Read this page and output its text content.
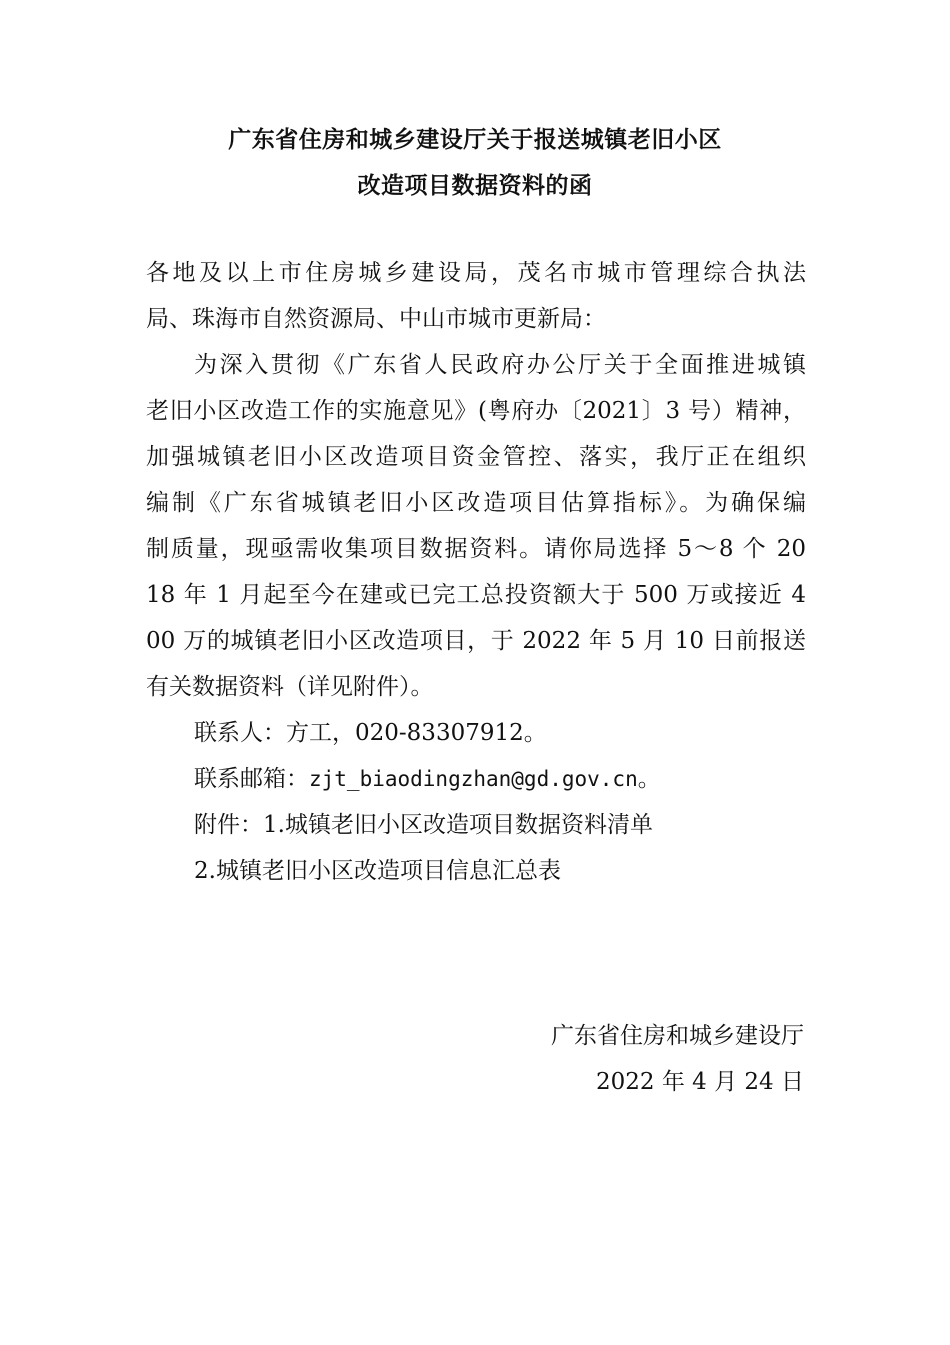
广东省住房和城乡建设厅关于报送城镇老旧小区
改造项目数据资料的函
各地及以上市住房城乡建设局，茂名市城市管理综合执法
局、珠海市自然资源局、中山市城市更新局：
为深入贯彻《广东省人民政府办公厅关于全面推进城镇
老旧小区改造工作的实施意见》(粤府办〔2021〕3 号）精神，
加强城镇老旧小区改造项目资金管控、落实，我厅正在组织
编制《广东省城镇老旧小区改造项目估算指标》。为确保编
制质量，现亟需收集项目数据资料。请你局选择 5～8 个 20
18 年 1 月起至今在建或已完工总投资额大于 500 万或接近 4
00 万的城镇老旧小区改造项目，于 2022 年 5 月 10 日前报送
有关数据资料（详见附件）。
联系人：方工，020-83307912。
联系邮箱：zjt_biaodingzhan@gd.gov.cn。
附件：1.城镇老旧小区改造项目数据资料清单
2.城镇老旧小区改造项目信息汇总表
广东省住房和城乡建设厅
2022 年 4 月 24 日
